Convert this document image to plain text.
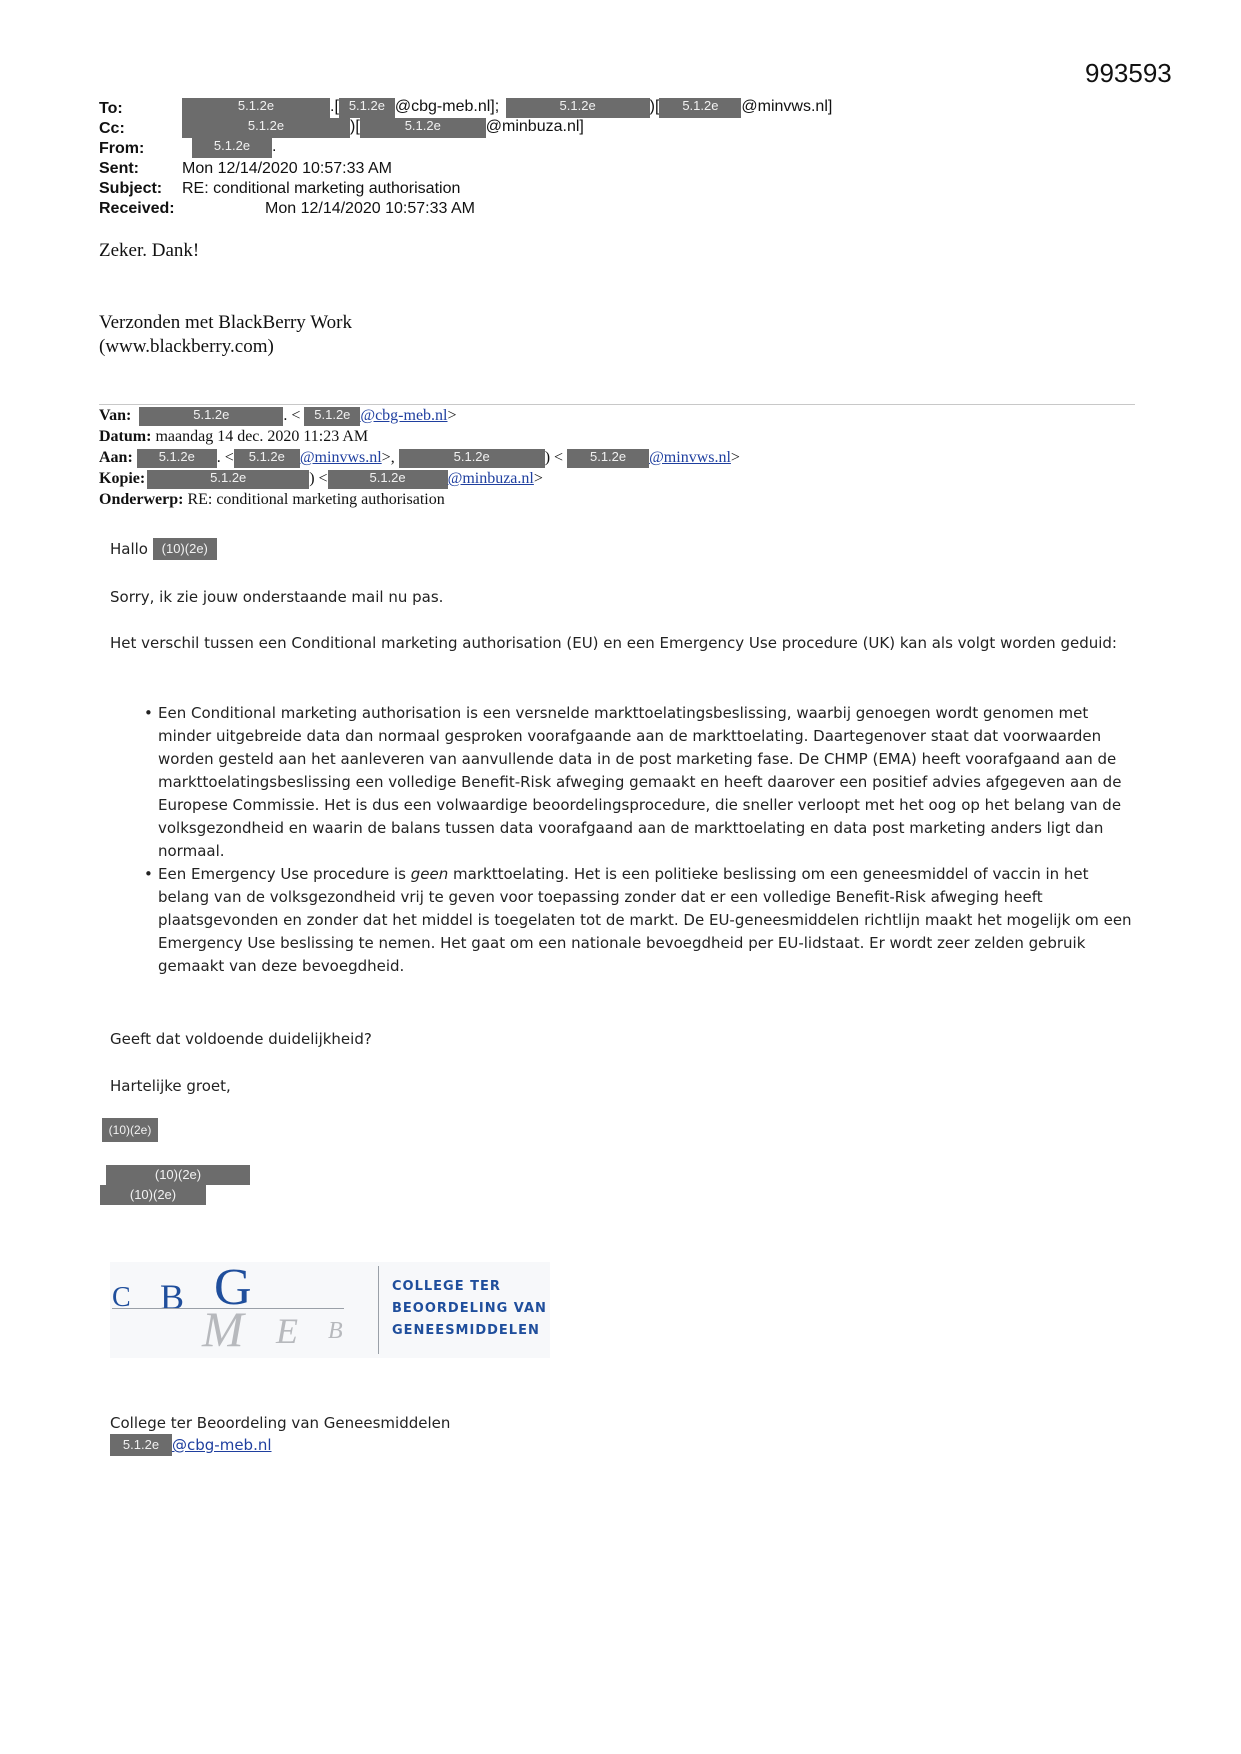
993593
To:	5.1.2e	.[ 5.1.2e @cbg-meb.nl];	5.1.2e	)[ 5.1.2e @minvws.nl]
Cc:	5.1.2e	)[	5.1.2e	@minbuza.nl]
From:	5.1.2e .
Sent:	Mon 12/14/2020 10:57:33 AM
Subject: RE: conditional marketing authorisation
Received:	Mon 12/14/2020 10:57:33 AM
Zeker. Dank!
Verzonden met BlackBerry Work
(www.blackberry.com)
Van:	5.1.2e	. < 5.1.2e @cbg-meb.nl>
Datum: maandag 14 dec. 2020 11:23 AM
Aan: 5.1.2e . < 5.1.2e @minvws.nl>,	5.1.2e	) < 5.1.2e @minvws.nl>
Kopie:	5.1.2e	) <	5.1.2e	@minbuza.nl>
Onderwerp: RE: conditional marketing authorisation
Hallo (10)(2e)
Sorry, ik zie jouw onderstaande mail nu pas.
Het verschil tussen een Conditional marketing authorisation (EU) en een Emergency Use procedure (UK) kan als volgt worden geduid:

• Een Conditional marketing authorisation is een versnelde markttoelatingsbeslissing, waarbij genoegen wordt genomen met minder uitgebreide data dan normaal gesproken voorafgaande aan de markttoelating. Daartegenover staat dat voorwaarden worden gesteld aan het aanleveren van aanvullende data in de post marketing fase. De CHMP (EMA) heeft voorafgaand aan de markttoelatingsbeslissing een volledige Benefit-Risk afweging gemaakt en heeft daarover een positief advies afgegeven aan de Europese Commissie. Het is dus een volwaardige beoordelingsprocedure, die sneller verloopt met het oog op het belang van de volksgezondheid en waarin de balans tussen data voorafgaand aan de markttoelating en data post marketing anders ligt dan normaal.

• Een Emergency Use procedure is geen markttoelating. Het is een politieke beslissing om een geneesmiddel of vaccin in het belang van de volksgezondheid vrij te geven voor toepassing zonder dat er een volledige Benefit-Risk afweging heeft plaatsgevonden en zonder dat het middel is toegelaten tot de markt. De EU-geneesmiddelen richtlijn maakt het mogelijk om een Emergency Use beslissing te nemen. Het gaat om een nationale bevoegdheid per EU-lidstaat. Er wordt zeer zelden gebruik gemaakt van deze bevoegdheid.

Geeft dat voldoende duidelijkheid?
Hartelijke groet,
(10)(2e)
(10)(2e)
(10)(2e)
C B G
M E B
COLLEGE TER
BEOORDELING VAN
GENEESMIDDELEN
College ter Beoordeling van Geneesmiddelen
5.1.2e @cbg-meb.nl
